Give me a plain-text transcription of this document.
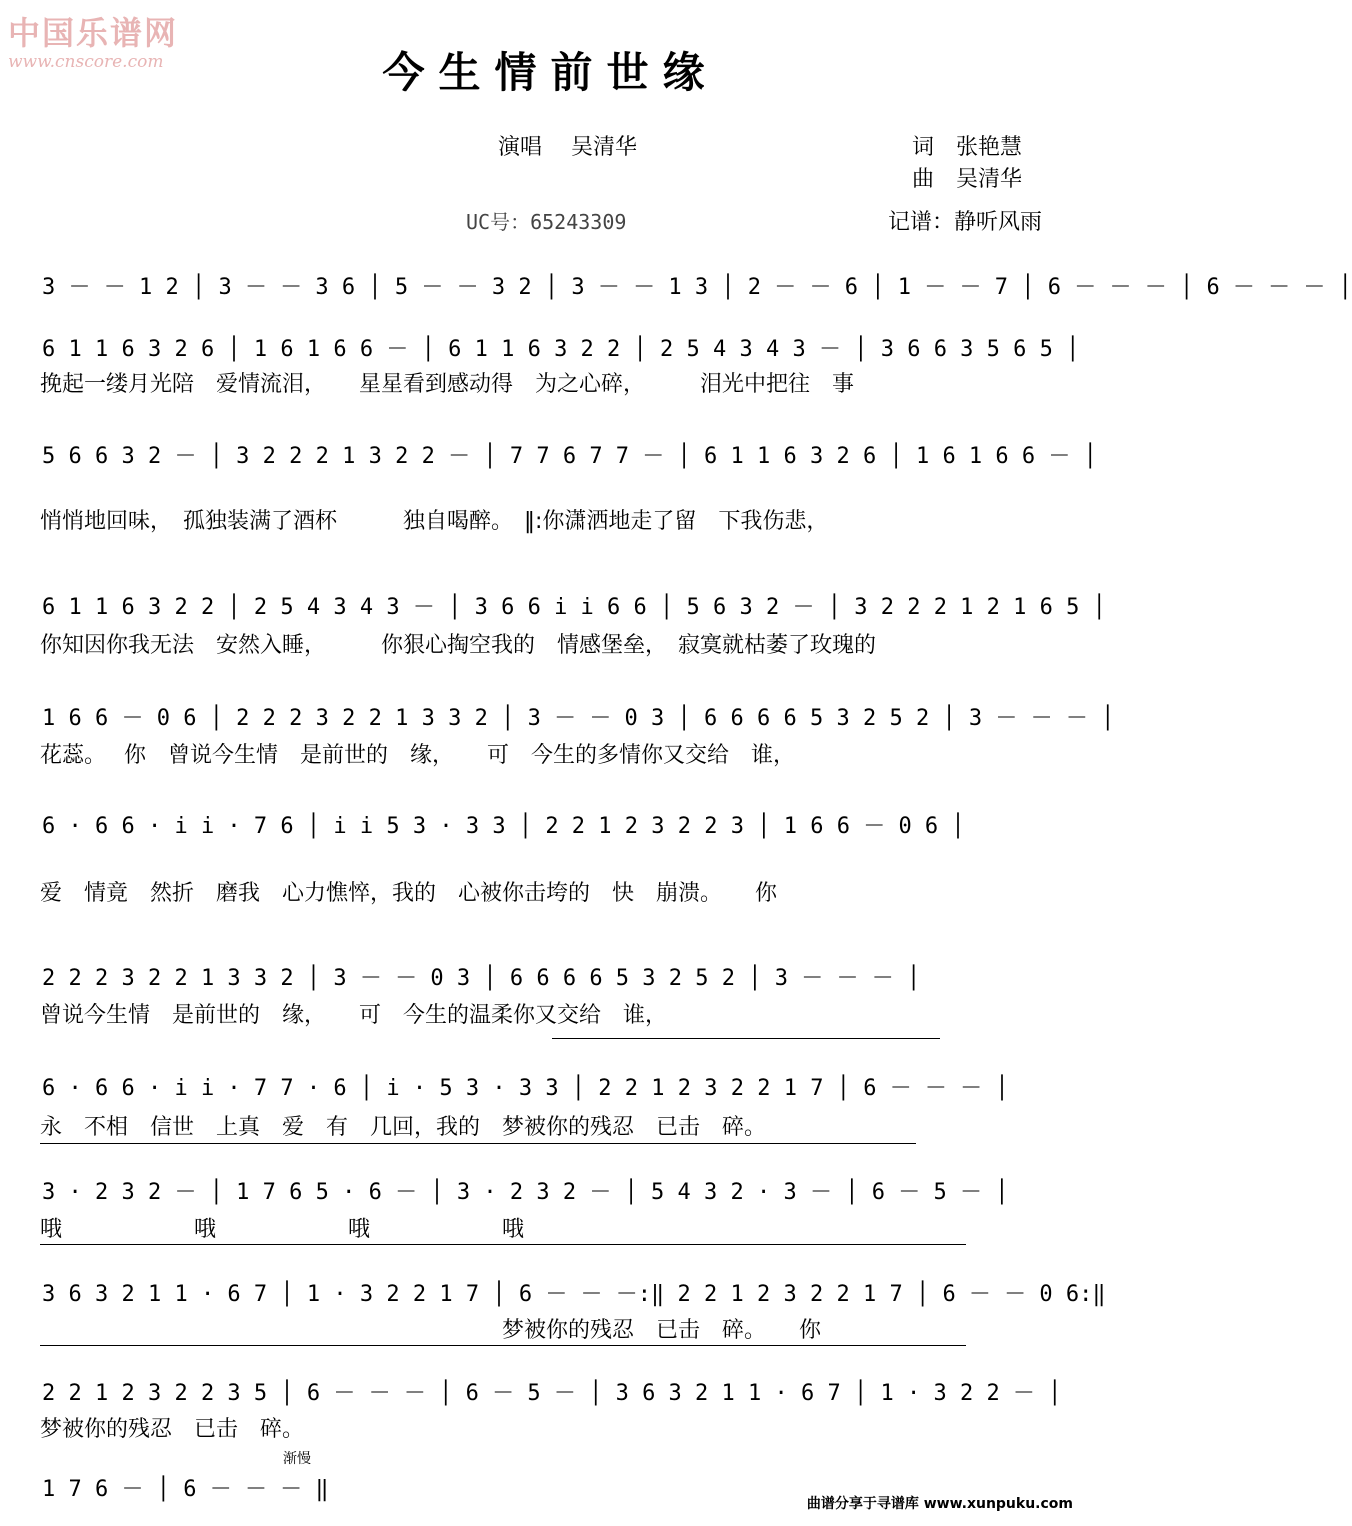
中国乐谱网
www.cnscore.com	今生情前世缘
演唱　 吴清华	词　张艳慧
曲　吴清华
UC号：65243309	记谱：静听风雨
3 － － 1 2 │ 3 － － 3 6 │ 5 － － 3 2 │ 3 － － 1 3 │ 2 － － 6 │ 1 － － 7 │ 6 － － － │ 6 － － － │
6 1 1 6 3 2 6 │ 1 6 1 6 6 － │ 6 1 1 6 3 2 2 │ 2 5 4 3 4 3 － │ 3 6 6 3 5 6 5 │
挽起一缕月光陪　爱情流泪，　　星星看到感动得　为之心碎，　　　泪光中把往　事
5 6 6 3 2 － │ 3 2 2 2 1 3 2 2 － │ 7 7 6 7 7 － │ 6 1 1 6 3 2 6 │ 1 6 1 6 6 － │
悄悄地回味，　孤独装满了酒杯　　　独自喝醉。　‖:你潇洒地走了留　下我伤悲，
6 1 1 6 3 2 2 │ 2 5 4 3 4 3 － │ 3 6 6 i i 6 6 │ 5 6 3 2 － │ 3 2 2 2 1 2 1 6 5 │
你知因你我无法　安然入睡，　　　你狠心掏空我的　情感堡垒，　寂寞就枯萎了玫瑰的
1 6 6 － 0 6 │ 2 2 2 3 2 2 1 3 3 2 │ 3 － － 0 3 │ 6 6 6 6 5 3 2 5 2 │ 3 － － － │
花蕊。　 你　曾说今生情　是前世的　缘，　　可　今生的多情你又交给　谁，
6 · 6 6 · i i · 7 6 │ i i 5 3 · 3 3 │ 2 2 1 2 3 2 2 3 │ 1 6 6 － 0 6 │
爱　情竟　然折　磨我　心力憔悴，我的　心被你击垮的　快　崩溃。　　你
2 2 2 3 2 2 1 3 3 2 │ 3 － － 0 3 │ 6 6 6 6 5 3 2 5 2 │ 3 － － － │
曾说今生情　是前世的　缘，　　可　今生的温柔你又交给　谁，
6 · 6 6 · i i · 7 7 · 6 │ i · 5 3 · 3 3 │ 2 2 1 2 3 2 2 1 7 │ 6 － － － │
永　不相　信世　上真　爱　有　几回，我的　梦被你的残忍　已击　碎。
3 · 2 3 2 － │ 1 7 6 5 · 6 － │ 3 · 2 3 2 － │ 5 4 3 2 · 3 － │ 6 － 5 － │
哦　　　　　　哦　　　　　　哦　　　　　　哦
3 6 3 2 1 1 · 6 7 │ 1 · 3 2 2 1 7 │ 6 － － －:‖ 2 2 1 2 3 2 2 1 7 │ 6 － － 0 6:‖
　　　　　　　　　　　　　　　　　　　　　梦被你的残忍　已击　碎。　　你
2 2 1 2 3 2 2 3 5 │ 6 － － － │ 6 － 5 － │ 3 6 3 2 1 1 · 6 7 │ 1 · 3 2 2 － │
梦被你的残忍　已击　碎。
1 7 6 － │ 6 － － － ‖
渐慢
曲谱分享于寻谱库 www.xunpuku.com
